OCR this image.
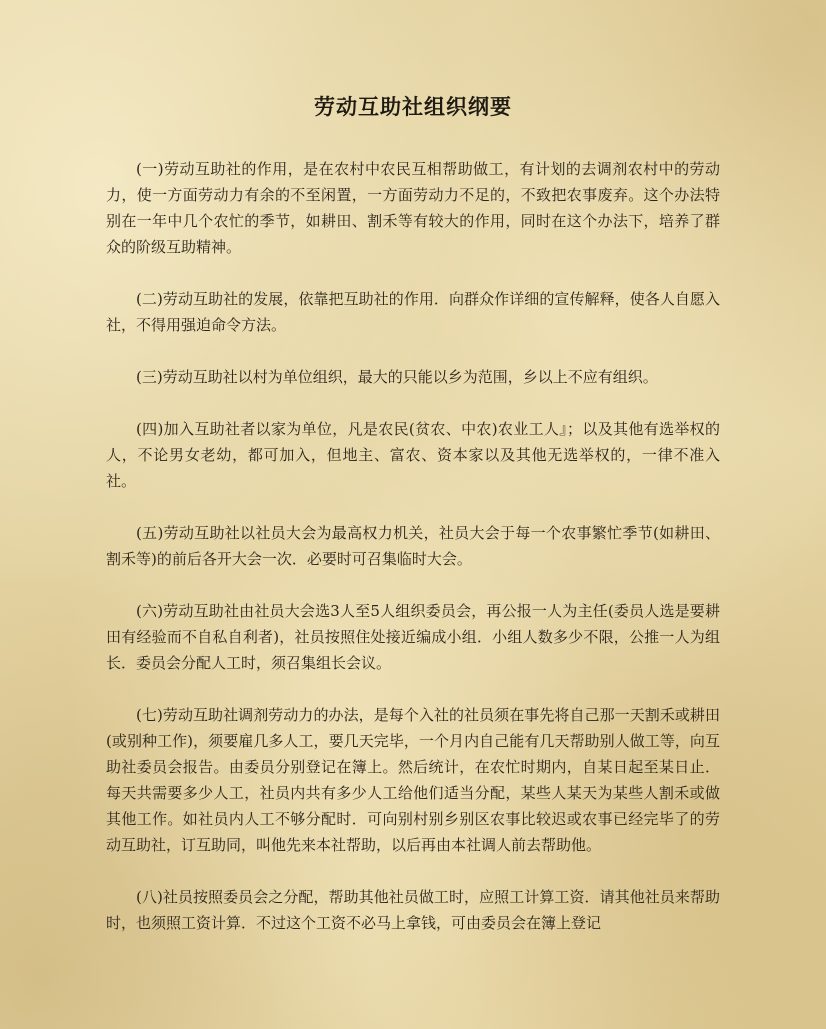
劳动互助社组织纲要

(一)劳动互助社的作用，是在农村中农民互相帮助做工，有计划的去调剂农村中的劳动力，使一方面劳动力有余的不至闲置，一方面劳动力不足的，不致把农事废弃。这个办法特别在一年中几个农忙的季节，如耕田、割禾等有较大的作用，同时在这个办法下，培养了群众的阶级互助精神。

(二)劳动互助社的发展，依靠把互助社的作用．向群众作详细的宣传解释，使各人自愿入社，不得用强迫命令方法。

(三)劳动互助社以村为单位组织，最大的只能以乡为范围，乡以上不应有组织。

(四)加入互助社者以家为单位，凡是农民(贫农、中农)农业工人』；以及其他有选举权的人，不论男女老幼，都可加入，但地主、富农、资本家以及其他无选举权的，一律不准入社。

(五)劳动互助社以社员大会为最高权力机关，社员大会于每一个农事繁忙季节(如耕田、割禾等)的前后各开大会一次．必要时可召集临时大会。

(六)劳动互助社由社员大会选3人至5人组织委员会，再公报一人为主任(委员人选是要耕田有经验而不自私自利者)，社员按照住处接近编成小组．小组人数多少不限，公推一人为组长．委员会分配人工时，须召集组长会议。

(七)劳动互助社调剂劳动力的办法，是每个入社的社员须在事先将自己那一天割禾或耕田(或别种工作)，须要雇几多人工，要几天完毕，一个月内自己能有几天帮助别人做工等，向互助社委员会报告。由委员分别登记在簿上。然后统计，在农忙时期内，自某日起至某日止．每天共需要多少人工，社员内共有多少人工给他们适当分配，某些人某天为某些人割禾或做其他工作。如社员内人工不够分配时．可向别村别乡别区农事比较迟或农事已经完毕了的劳动互助社，订互助同，叫他先来本社帮助，以后再由本社调人前去帮助他。

(八)社员按照委员会之分配，帮助其他社员做工时，应照工计算工资．请其他社员来帮助时，也须照工资计算．不过这个工资不必马上拿钱，可由委员会在簿上登记
